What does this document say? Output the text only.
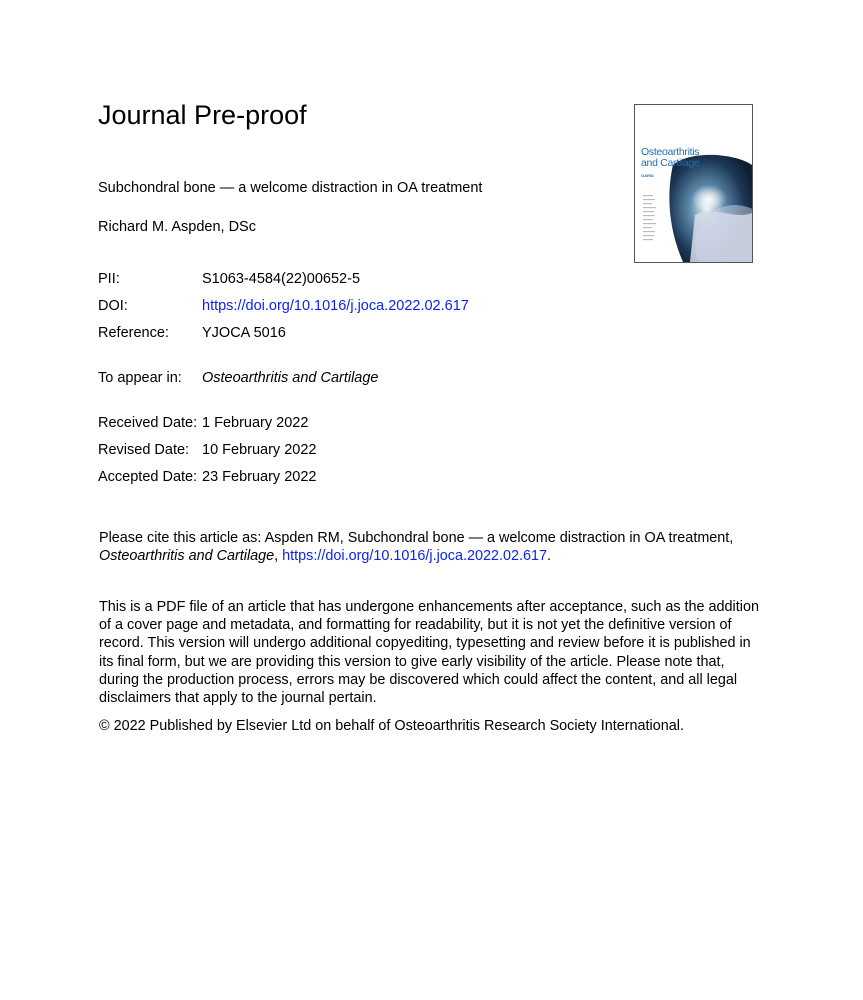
Journal Pre-proof
Subchondral bone — a welcome distraction in OA treatment
Richard M. Aspden, DSc
PII:	S1063-4584(22)00652-5
DOI:	https://doi.org/10.1016/j.joca.2022.02.617
Reference: YJOCA 5016
To appear in: Osteoarthritis and Cartilage
Received Date: 1 February 2022
Revised Date: 10 February 2022
Accepted Date: 23 February 2022
Please cite this article as: Aspden RM, Subchondral bone — a welcome distraction in OA treatment,
Osteoarthritis and Cartilage, https://doi.org/10.1016/j.joca.2022.02.617.
This is a PDF file of an article that has undergone enhancements after acceptance, such as the addition of a cover page and metadata, and formatting for readability, but it is not yet the definitive version of record. This version will undergo additional copyediting, typesetting and review before it is published in its final form, but we are providing this version to give early visibility of the article. Please note that, during the production process, errors may be discovered which could affect the content, and all legal disclaimers that apply to the journal pertain.
© 2022 Published by Elsevier Ltd on behalf of Osteoarthritis Research Society International.
Osteoarthritis
and Cartilage
OARSI
